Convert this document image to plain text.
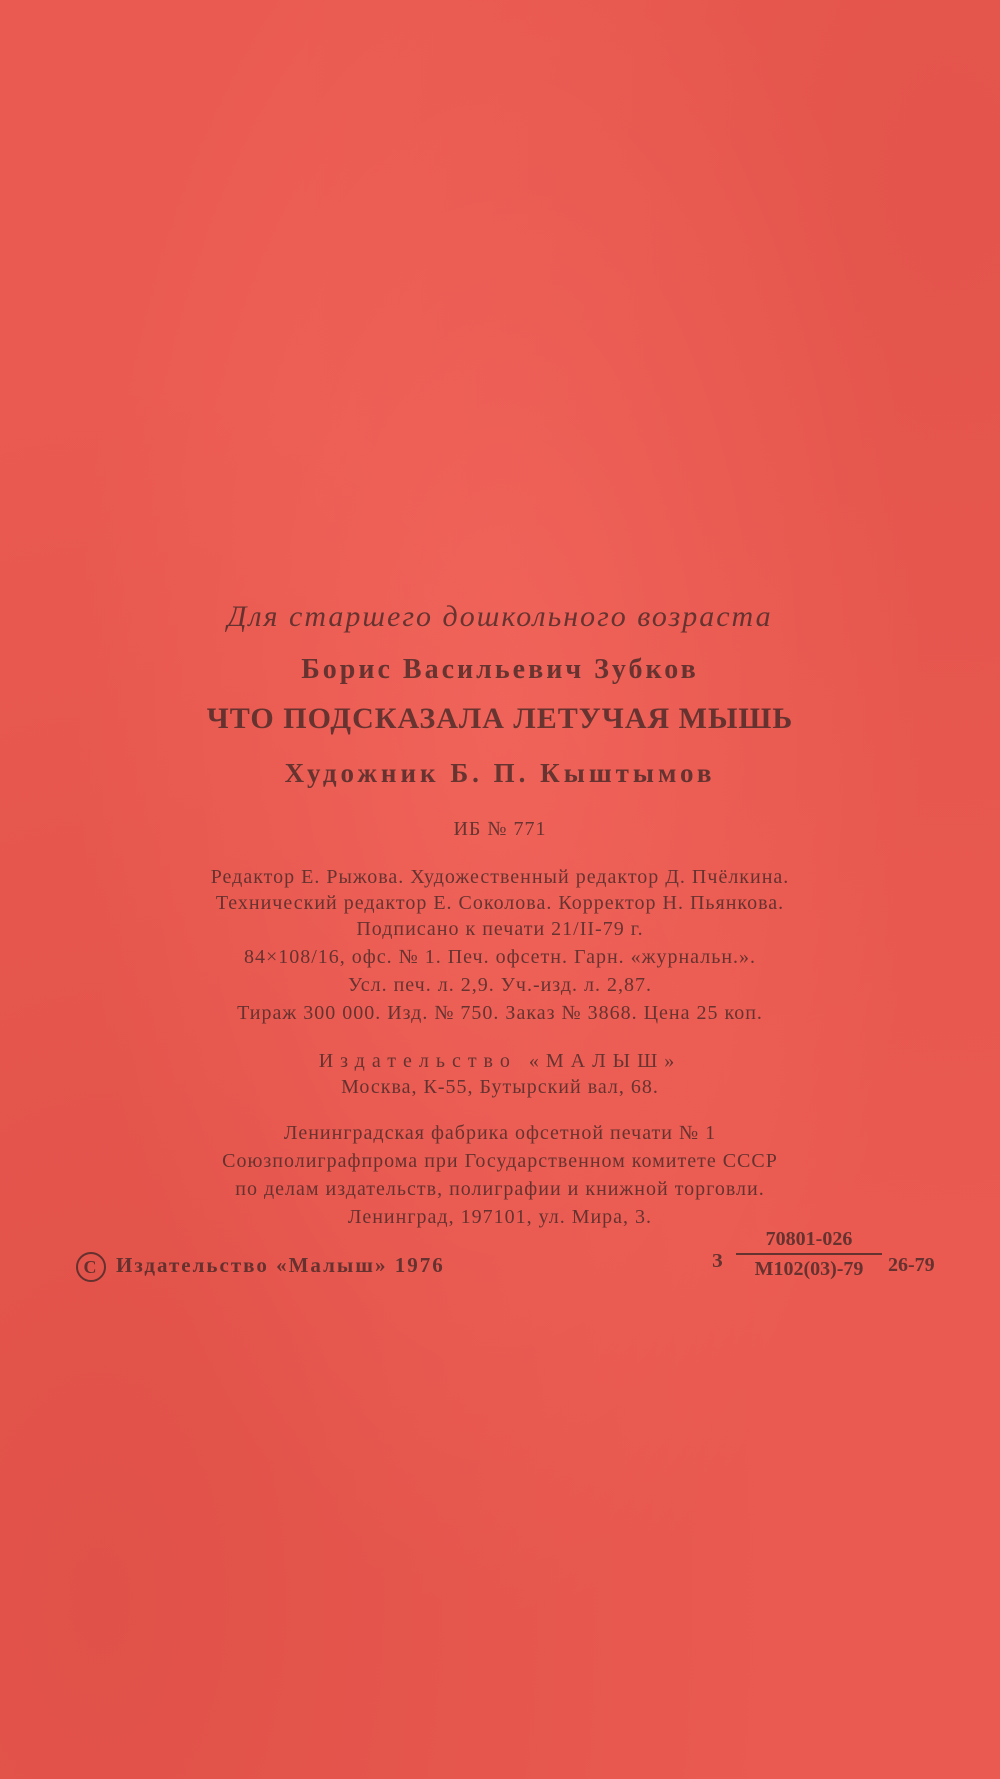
Для старшего дошкольного возраста
Борис Васильевич Зубков
ЧТО ПОДСКАЗАЛА ЛЕТУЧАЯ МЫШЬ
Художник Б. П. Кыштымов
ИБ № 771
Редактор Е. Рыжова. Художественный редактор Д. Пчёлкина.
Технический редактор Е. Соколова. Корректор Н. Пьянкова.
Подписано к печати 21/II-79 г.
84×108/16, офс. № 1. Печ. офсетн. Гарн. «журнальн.».
Усл. печ. л. 2,9. Уч.-изд. л. 2,87.
Тираж 300 000. Изд. № 750. Заказ № 3868. Цена 25 коп.
Издательство «МАЛЫШ»
Москва, К-55, Бутырский вал, 68.
Ленинградская фабрика офсетной печати № 1
Союзполиграфпрома при Государственном комитете СССР
по делам издательств, полиграфии и книжной торговли.
Ленинград, 197101, ул. Мира, 3.
C Издательство «Малыш» 1976	З
70801-026
М102(03)-79	26-79
